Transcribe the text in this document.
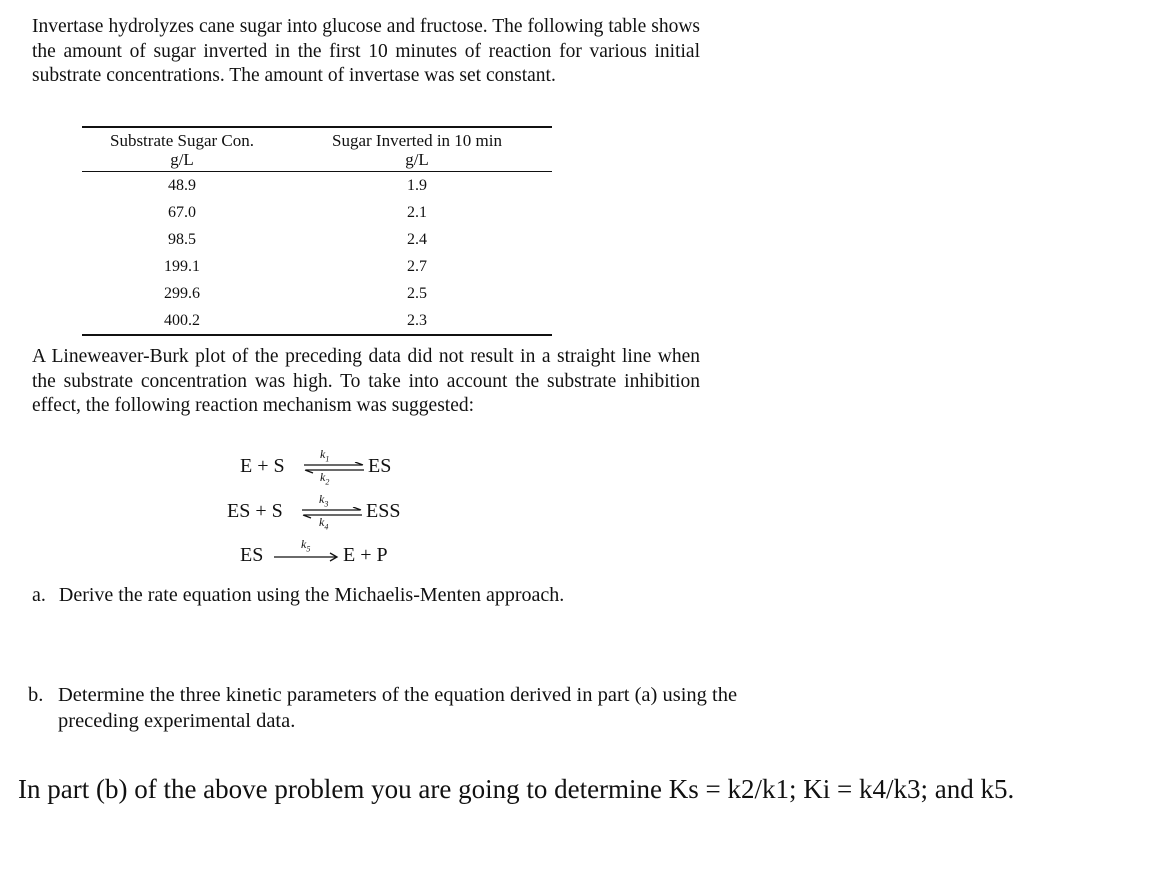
Invertase hydrolyzes cane sugar into glucose and fructose. The following table shows the amount of sugar inverted in the first 10 minutes of reaction for various initial substrate concentrations. The amount of invertase was set constant.
Substrate Sugar Con.	Sugar Inverted in 10 min
g/L	g/L
48.9	1.9
67.0	2.1
98.5	2.4
199.1	2.7
299.6	2.5
400.2	2.3
A Lineweaver-Burk plot of the preceding data did not result in a straight line when the substrate concentration was high. To take into account the substrate inhibition effect, the following reaction mechanism was suggested:
E + S ⇌
$k_1$
$k_2$
ES
ES + S ⇌
$k_3$
$k_4$
ESS
ES	$k_5$ E + P
a. Derive the rate equation using the Michaelis-Menten approach.
b. Determine the three kinetic parameters of the equation derived in part (a) using the preceding experimental data.
In part (b) of the above problem you are going to determine Ks = k2/k1; Ki = k4/k3; and k5.
